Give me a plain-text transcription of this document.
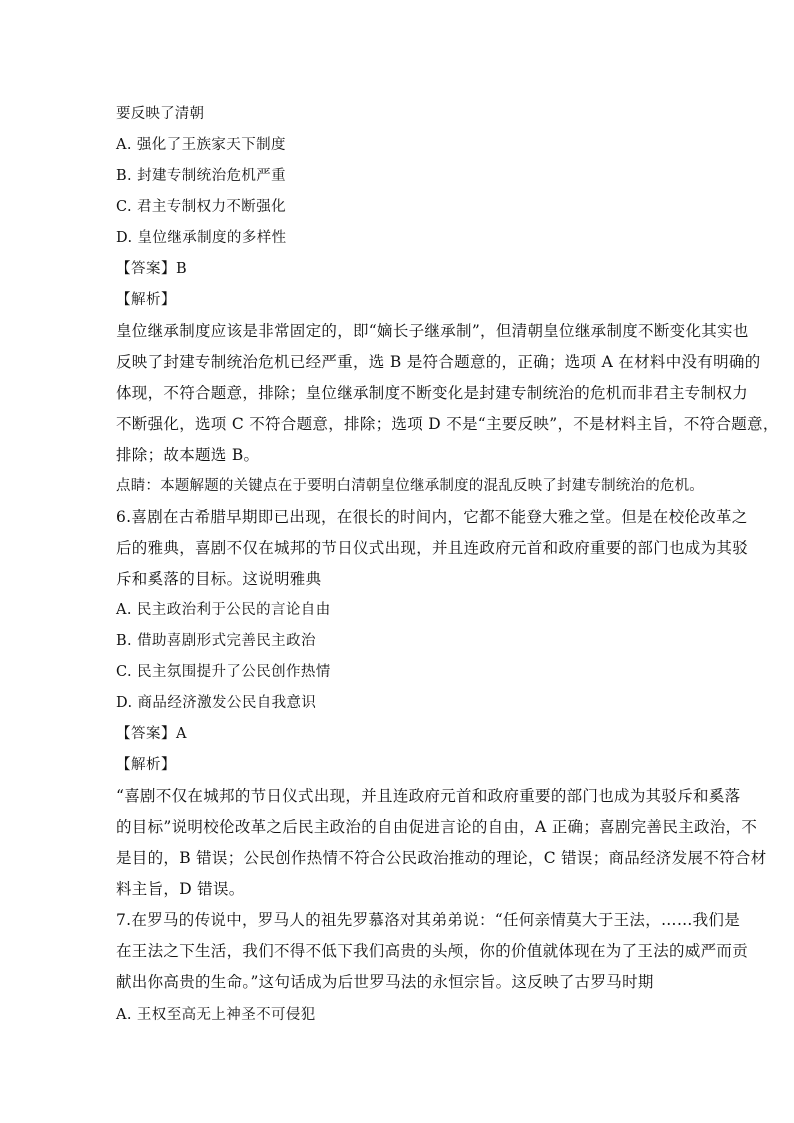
要反映了清朝
A. 强化了王族家天下制度
B. 封建专制统治危机严重
C. 君主专制权力不断强化
D. 皇位继承制度的多样性
【答案】B
【解析】
皇位继承制度应该是非常固定的，即“嫡长子继承制”，但清朝皇位继承制度不断变化其实也
反映了封建专制统治危机已经严重，选 B 是符合题意的，正确；选项 A 在材料中没有明确的
体现，不符合题意，排除；皇位继承制度不断变化是封建专制统治的危机而非君主专制权力
不断强化，选项 C 不符合题意，排除；选项 D 不是“主要反映”，不是材料主旨，不符合题意，
排除；故本题选 B。
点睛：本题解题的关键点在于要明白清朝皇位继承制度的混乱反映了封建专制统治的危机。
6.喜剧在古希腊早期即已出现，在很长的时间内，它都不能登大雅之堂。但是在校伦改革之
后的雅典，喜剧不仅在城邦的节日仪式出现，并且连政府元首和政府重要的部门也成为其驳
斥和奚落的目标。这说明雅典
A. 民主政治利于公民的言论自由
B. 借助喜剧形式完善民主政治
C. 民主氛围提升了公民创作热情
D. 商品经济激发公民自我意识
【答案】A
【解析】
“喜剧不仅在城邦的节日仪式出现，并且连政府元首和政府重要的部门也成为其驳斥和奚落
的目标”说明校伦改革之后民主政治的自由促进言论的自由，A 正确；喜剧完善民主政治，不
是目的，B 错误；公民创作热情不符合公民政治推动的理论，C 错误；商品经济发展不符合材
料主旨，D 错误。
7.在罗马的传说中，罗马人的祖先罗慕洛对其弟弟说：“任何亲情莫大于王法，……我们是
在王法之下生活，我们不得不低下我们高贵的头颅，你的价值就体现在为了王法的威严而贡
献出你高贵的生命。”这句话成为后世罗马法的永恒宗旨。这反映了古罗马时期
A. 王权至高无上神圣不可侵犯
